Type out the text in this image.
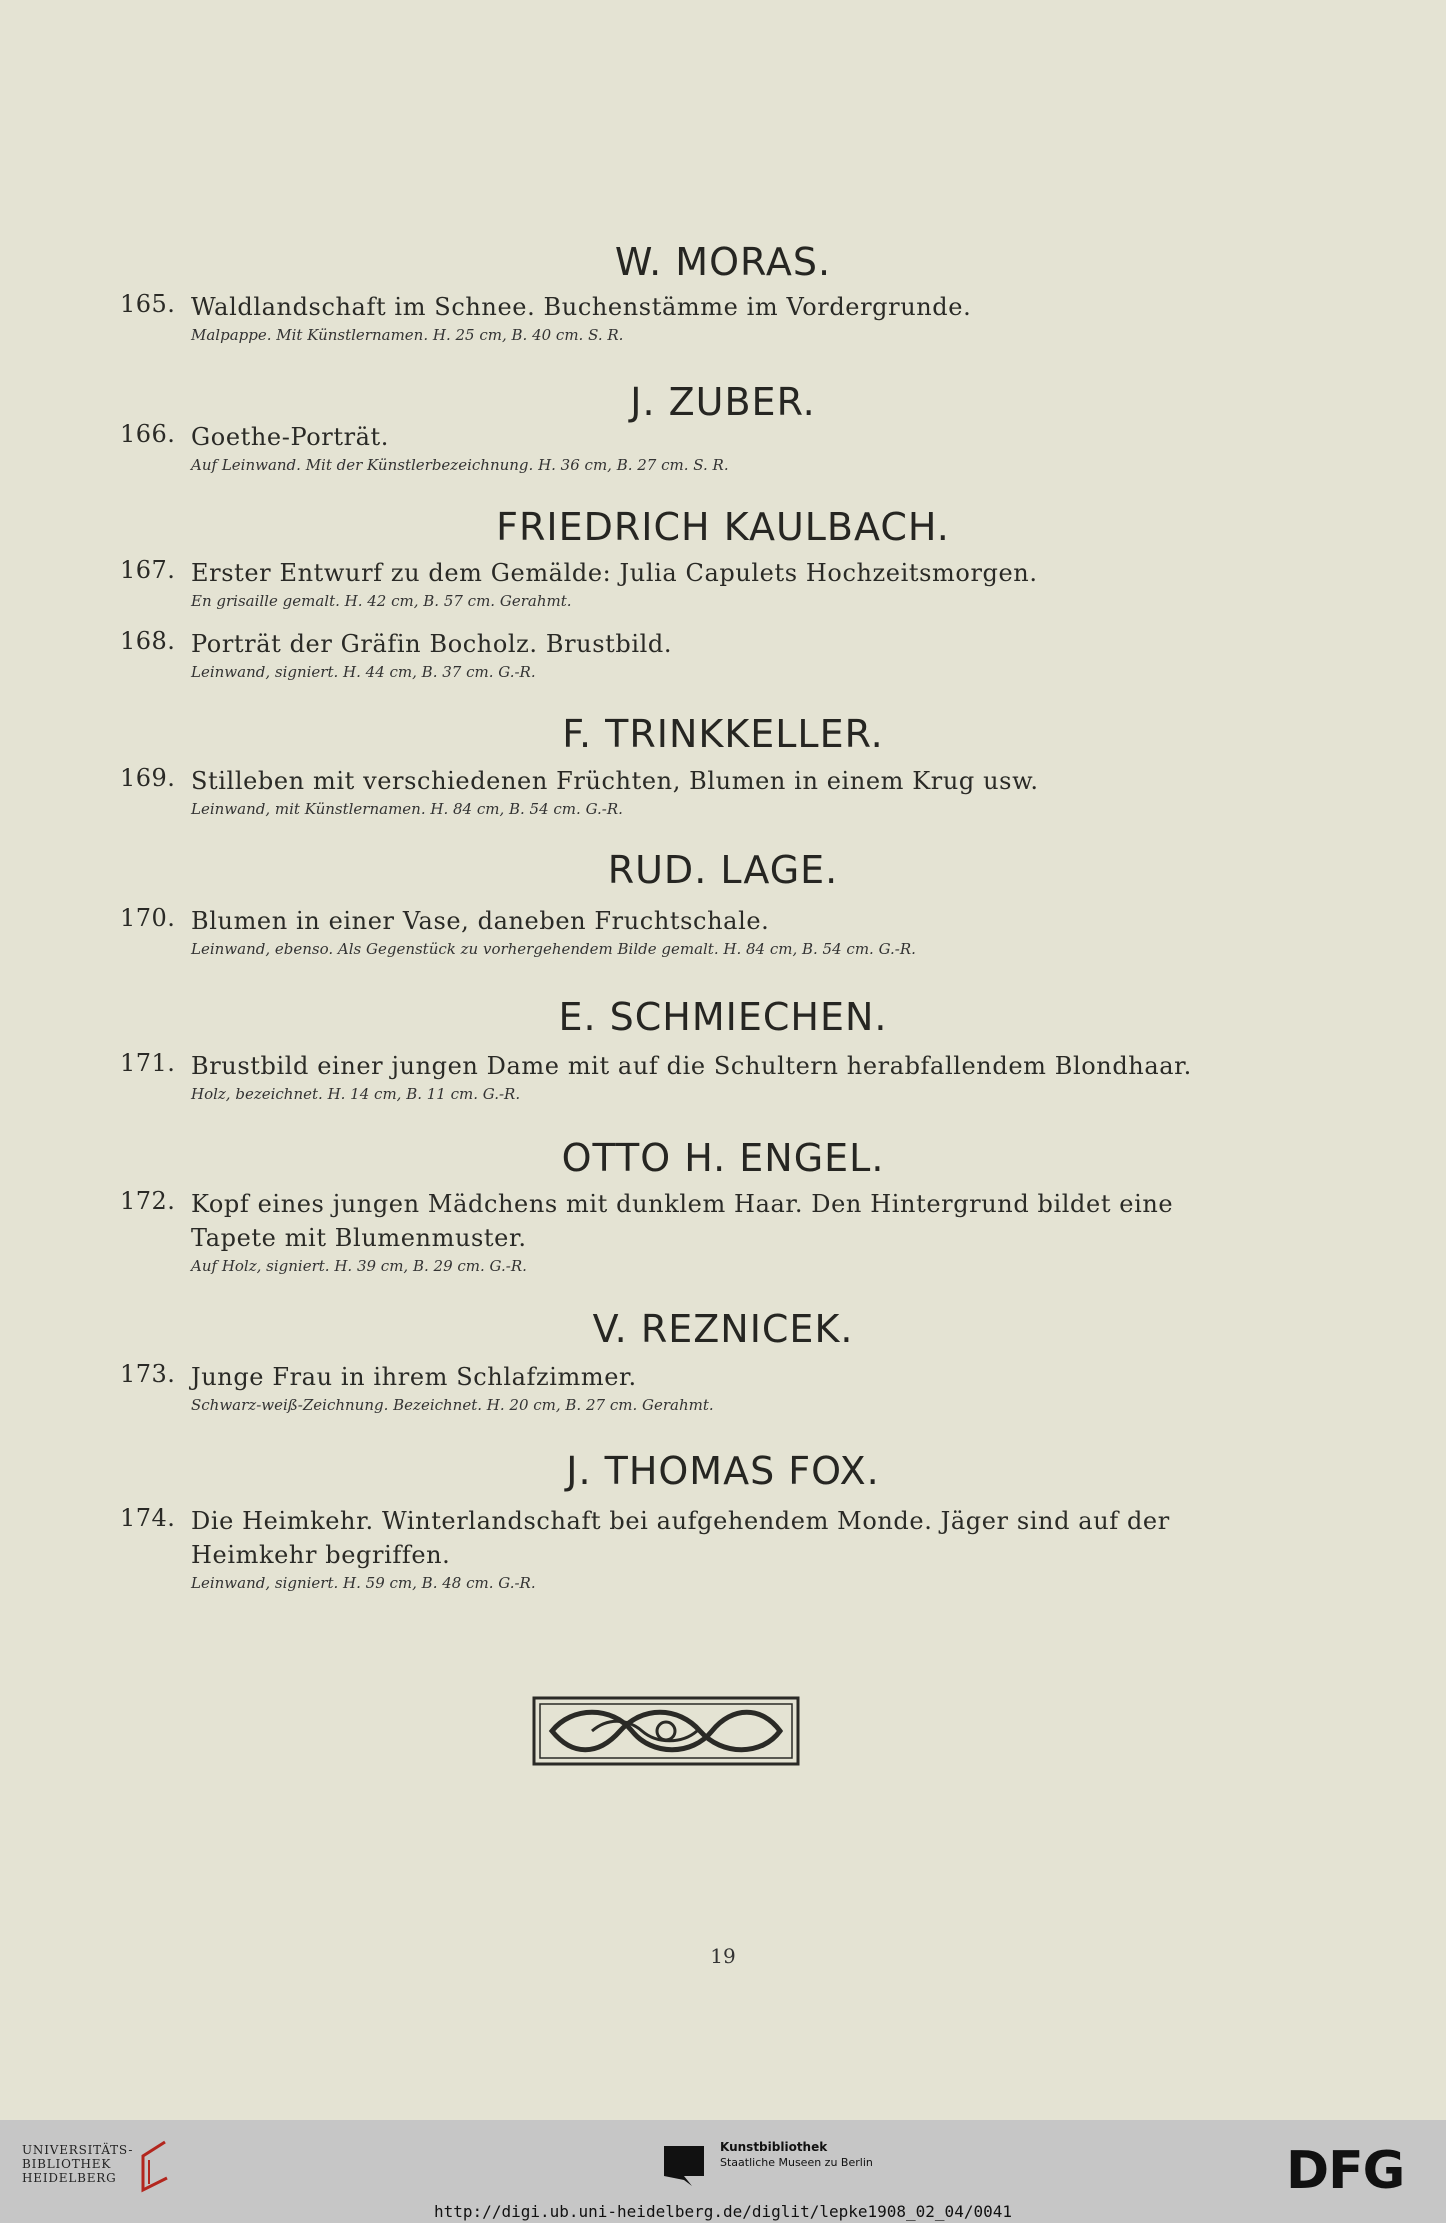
W. MORAS.
165. Waldlandschaft im Schnee. Buchenstämme im Vordergrunde.
Malpappe. Mit Künstlernamen. H. 25 cm, B. 40 cm. S. R.
J. ZUBER.
166. Goethe-Porträt.
Auf Leinwand. Mit der Künstlerbezeichnung. H. 36 cm, B. 27 cm. S. R.
FRIEDRICH KAULBACH.
167. Erster Entwurf zu dem Gemälde: Julia Capulets Hochzeitsmorgen.
En grisaille gemalt. H. 42 cm, B. 57 cm. Gerahmt.
168. Porträt der Gräfin Bocholz. Brustbild.
Leinwand, signiert. H. 44 cm, B. 37 cm. G.-R.
F. TRINKKELLER.
169. Stilleben mit verschiedenen Früchten, Blumen in einem Krug usw.
Leinwand, mit Künstlernamen. H. 84 cm, B. 54 cm. G.-R.
RUD. LAGE.
170. Blumen in einer Vase, daneben Fruchtschale.
Leinwand, ebenso. Als Gegenstück zu vorhergehendem Bilde gemalt. H. 84 cm, B. 54 cm. G.-R.
E. SCHMIECHEN.
171. Brustbild einer jungen Dame mit auf die Schultern herabfallendem Blondhaar.
Holz, bezeichnet. H. 14 cm, B. 11 cm. G.-R.
OTTO H. ENGEL.
172. Kopf eines jungen Mädchens mit dunklem Haar. Den Hintergrund bildet eine Tapete mit Blumenmuster.
Auf Holz, signiert. H. 39 cm, B. 29 cm. G.-R.
V. REZNICEK.
173. Junge Frau in ihrem Schlafzimmer.
Schwarz-weiß-Zeichnung. Bezeichnet. H. 20 cm, B. 27 cm. Gerahmt.
J. THOMAS FOX.
174. Die Heimkehr. Winterlandschaft bei aufgehendem Monde. Jäger sind auf der Heimkehr begriffen.
Leinwand, signiert. H. 59 cm, B. 48 cm. G.-R.
19
UNIVERSITÄTS-
BIBLIOTHEK
HEIDELBERG
Kunstbibliothek
Staatliche Museen zu Berlin	DFG
http://digi.ub.uni-heidelberg.de/diglit/lepke1908_02_04/0041
